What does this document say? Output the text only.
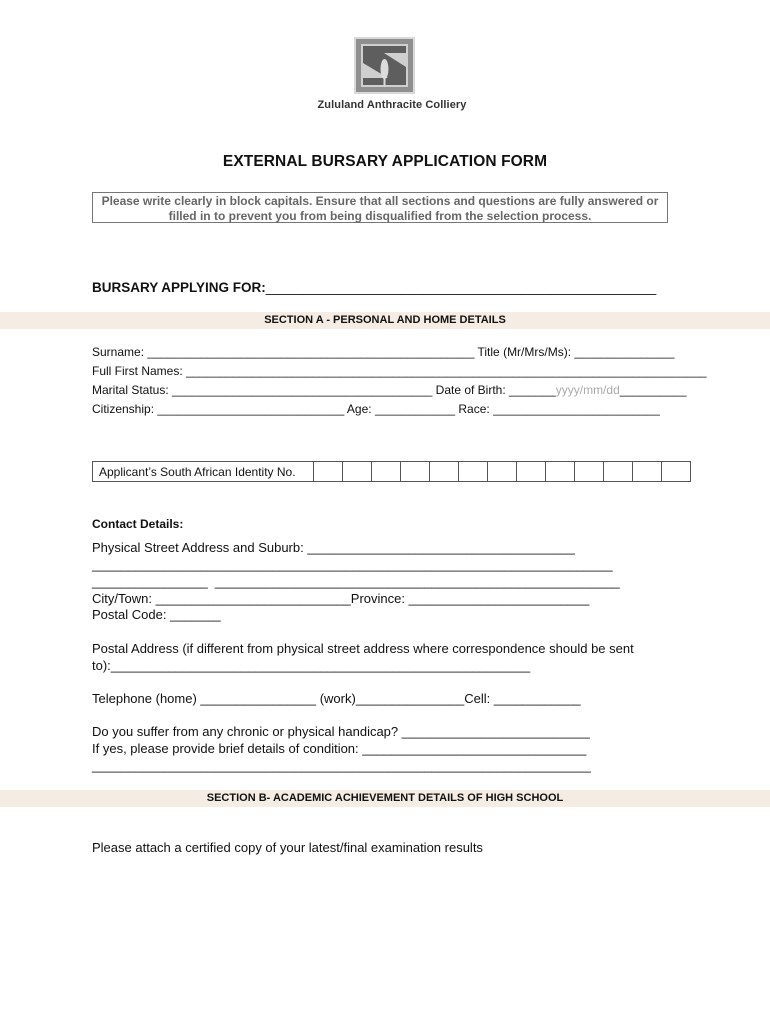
Zululand Anthracite Colliery
EXTERNAL BURSARY APPLICATION FORM
Please write clearly in block capitals. Ensure that all sections and questions are fully answered or
filled in to prevent you from being disqualified from the selection process.
BURSARY APPLYING FOR:____________________________________________________
SECTION A - PERSONAL AND HOME DETAILS
Surname: _________________________________________________ Title (Mr/Mrs/Ms): _______________
Full First Names: ______________________________________________________________________________
Marital Status: _______________________________________ Date of Birth: _______yyyy/mm/dd__________
Citizenship: ____________________________ Age: ____________ Race: _________________________
Applicant’s South African Identity No.													
Contact Details:
Physical Street Address and Suburb: _____________________________________
________________________________________________________________________
________________  ________________________________________________________
City/Town: ___________________________Province: _________________________
Postal Code: _______
Postal Address (if different from physical street address where correspondence should be sent
to):__________________________________________________________
Telephone (home) ________________ (work)_______________Cell: ____________
Do you suffer from any chronic or physical handicap? __________________________
If yes, please provide brief details of condition: _______________________________
_____________________________________________________________________
SECTION B- ACADEMIC ACHIEVEMENT DETAILS OF HIGH SCHOOL
Please attach a certified copy of your latest/final examination results
